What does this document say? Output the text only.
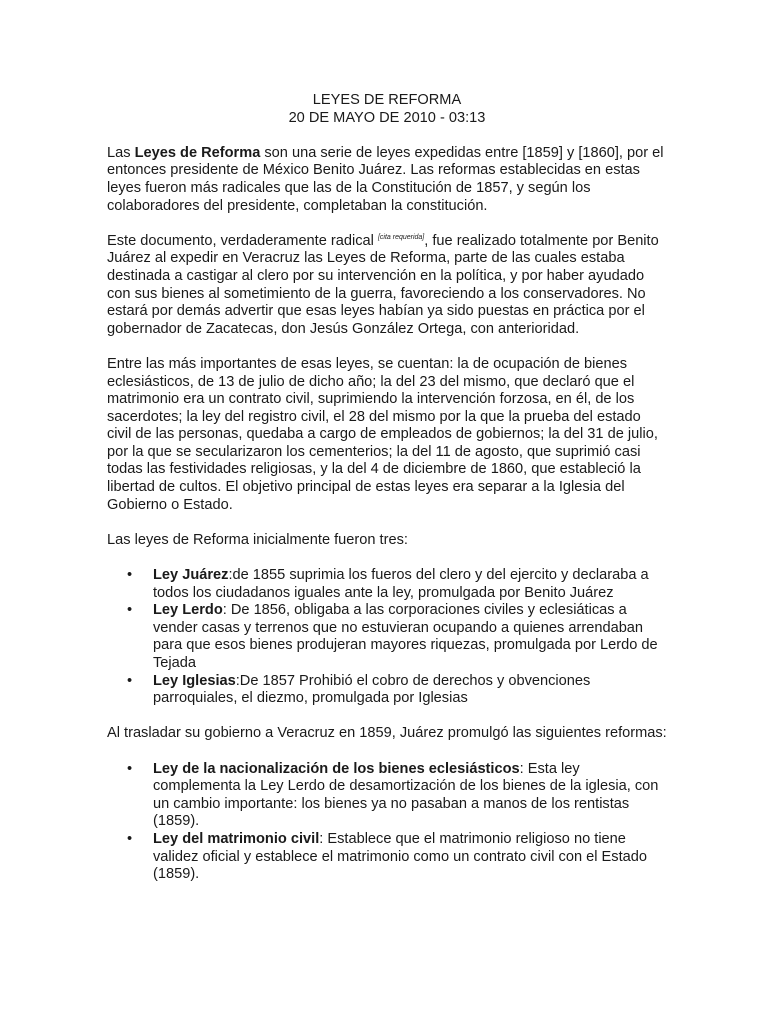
LEYES DE REFORMA
20 DE MAYO DE 2010 - 03:13

Las Leyes de Reforma son una serie de leyes expedidas entre [1859] y [1860], por el entonces presidente de México Benito Juárez. Las reformas establecidas en estas leyes fueron más radicales que las de la Constitución de 1857, y según los colaboradores del presidente, completaban la constitución.

Este documento, verdaderamente radical [cita requerida], fue realizado totalmente por Benito Juárez al expedir en Veracruz las Leyes de Reforma, parte de las cuales estaba destinada a castigar al clero por su intervención en la política, y por haber ayudado con sus bienes al sometimiento de la guerra, favoreciendo a los conservadores. No estará por demás advertir que esas leyes habían ya sido puestas en práctica por el gobernador de Zacatecas, don Jesús González Ortega, con anterioridad.

Entre las más importantes de esas leyes, se cuentan: la de ocupación de bienes eclesiásticos, de 13 de julio de dicho año; la del 23 del mismo, que declaró que el matrimonio era un contrato civil, suprimiendo la intervención forzosa, en él, de los sacerdotes; la ley del registro civil, el 28 del mismo por la que la prueba del estado civil de las personas, quedaba a cargo de empleados de gobiernos; la del 31 de julio, por la que se secularizaron los cementerios; la del 11 de agosto, que suprimió casi todas las festividades religiosas, y la del 4 de diciembre de 1860, que estableció la libertad de cultos. El objetivo principal de estas leyes era separar a la Iglesia del Gobierno o Estado.

Las leyes de Reforma inicialmente fueron tres:

• Ley Juárez:de 1855 suprimia los fueros del clero y del ejercito y declaraba a todos los ciudadanos iguales ante la ley, promulgada por Benito Juárez
• Ley Lerdo: De 1856, obligaba a las corporaciones civiles y eclesiáticas a vender casas y terrenos que no estuvieran ocupando a quienes arrendaban para que esos bienes produjeran mayores riquezas, promulgada por Lerdo de Tejada
• Ley Iglesias:De 1857 Prohibió el cobro de derechos y obvenciones parroquiales, el diezmo, promulgada por Iglesias

Al trasladar su gobierno a Veracruz en 1859, Juárez promulgó las siguientes reformas:

• Ley de la nacionalización de los bienes eclesiásticos: Esta ley complementa la Ley Lerdo de desamortización de los bienes de la iglesia, con un cambio importante: los bienes ya no pasaban a manos de los rentistas (1859).
• Ley del matrimonio civil: Establece que el matrimonio religioso no tiene validez oficial y establece el matrimonio como un contrato civil con el Estado (1859).
